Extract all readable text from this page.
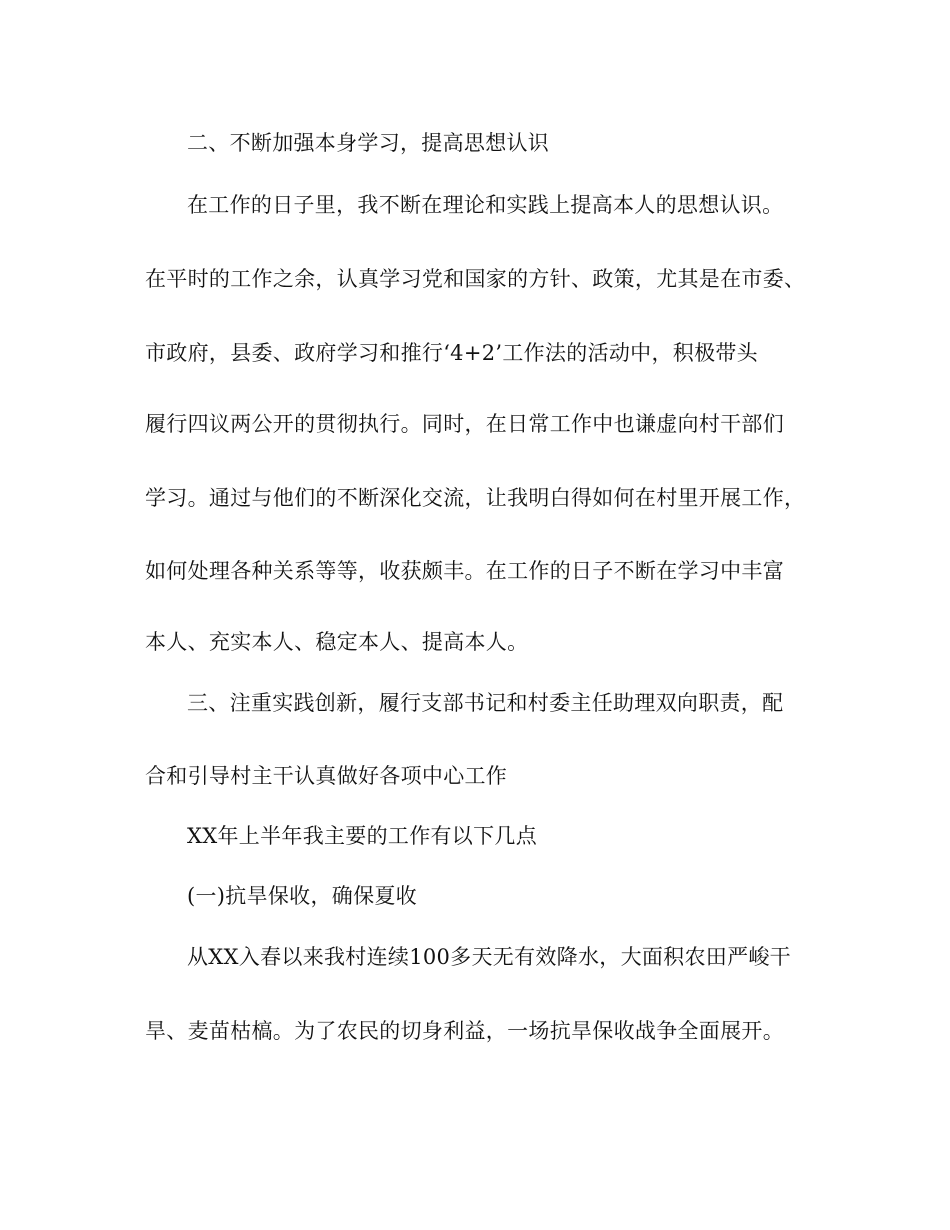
二、不断加强本身学习，提高思想认识
在工作的日子里，我不断在理论和实践上提高本人的思想认识。
在平时的工作之余，认真学习党和国家的方针、政策，尤其是在市委、
市政府，县委、政府学习和推行‘4+2’工作法的活动中，积极带头
履行四议两公开的贯彻执行。同时，在日常工作中也谦虚向村干部们
学习。通过与他们的不断深化交流，让我明白得如何在村里开展工作，
如何处理各种关系等等，收获颇丰。在工作的日子不断在学习中丰富
本人、充实本人、稳定本人、提高本人。
三、注重实践创新，履行支部书记和村委主任助理双向职责，配
合和引导村主干认真做好各项中心工作
XX年上半年我主要的工作有以下几点
(一)抗旱保收，确保夏收
从XX入春以来我村连续100多天无有效降水，大面积农田严峻干
旱、麦苗枯槁。为了农民的切身利益，一场抗旱保收战争全面展开。
